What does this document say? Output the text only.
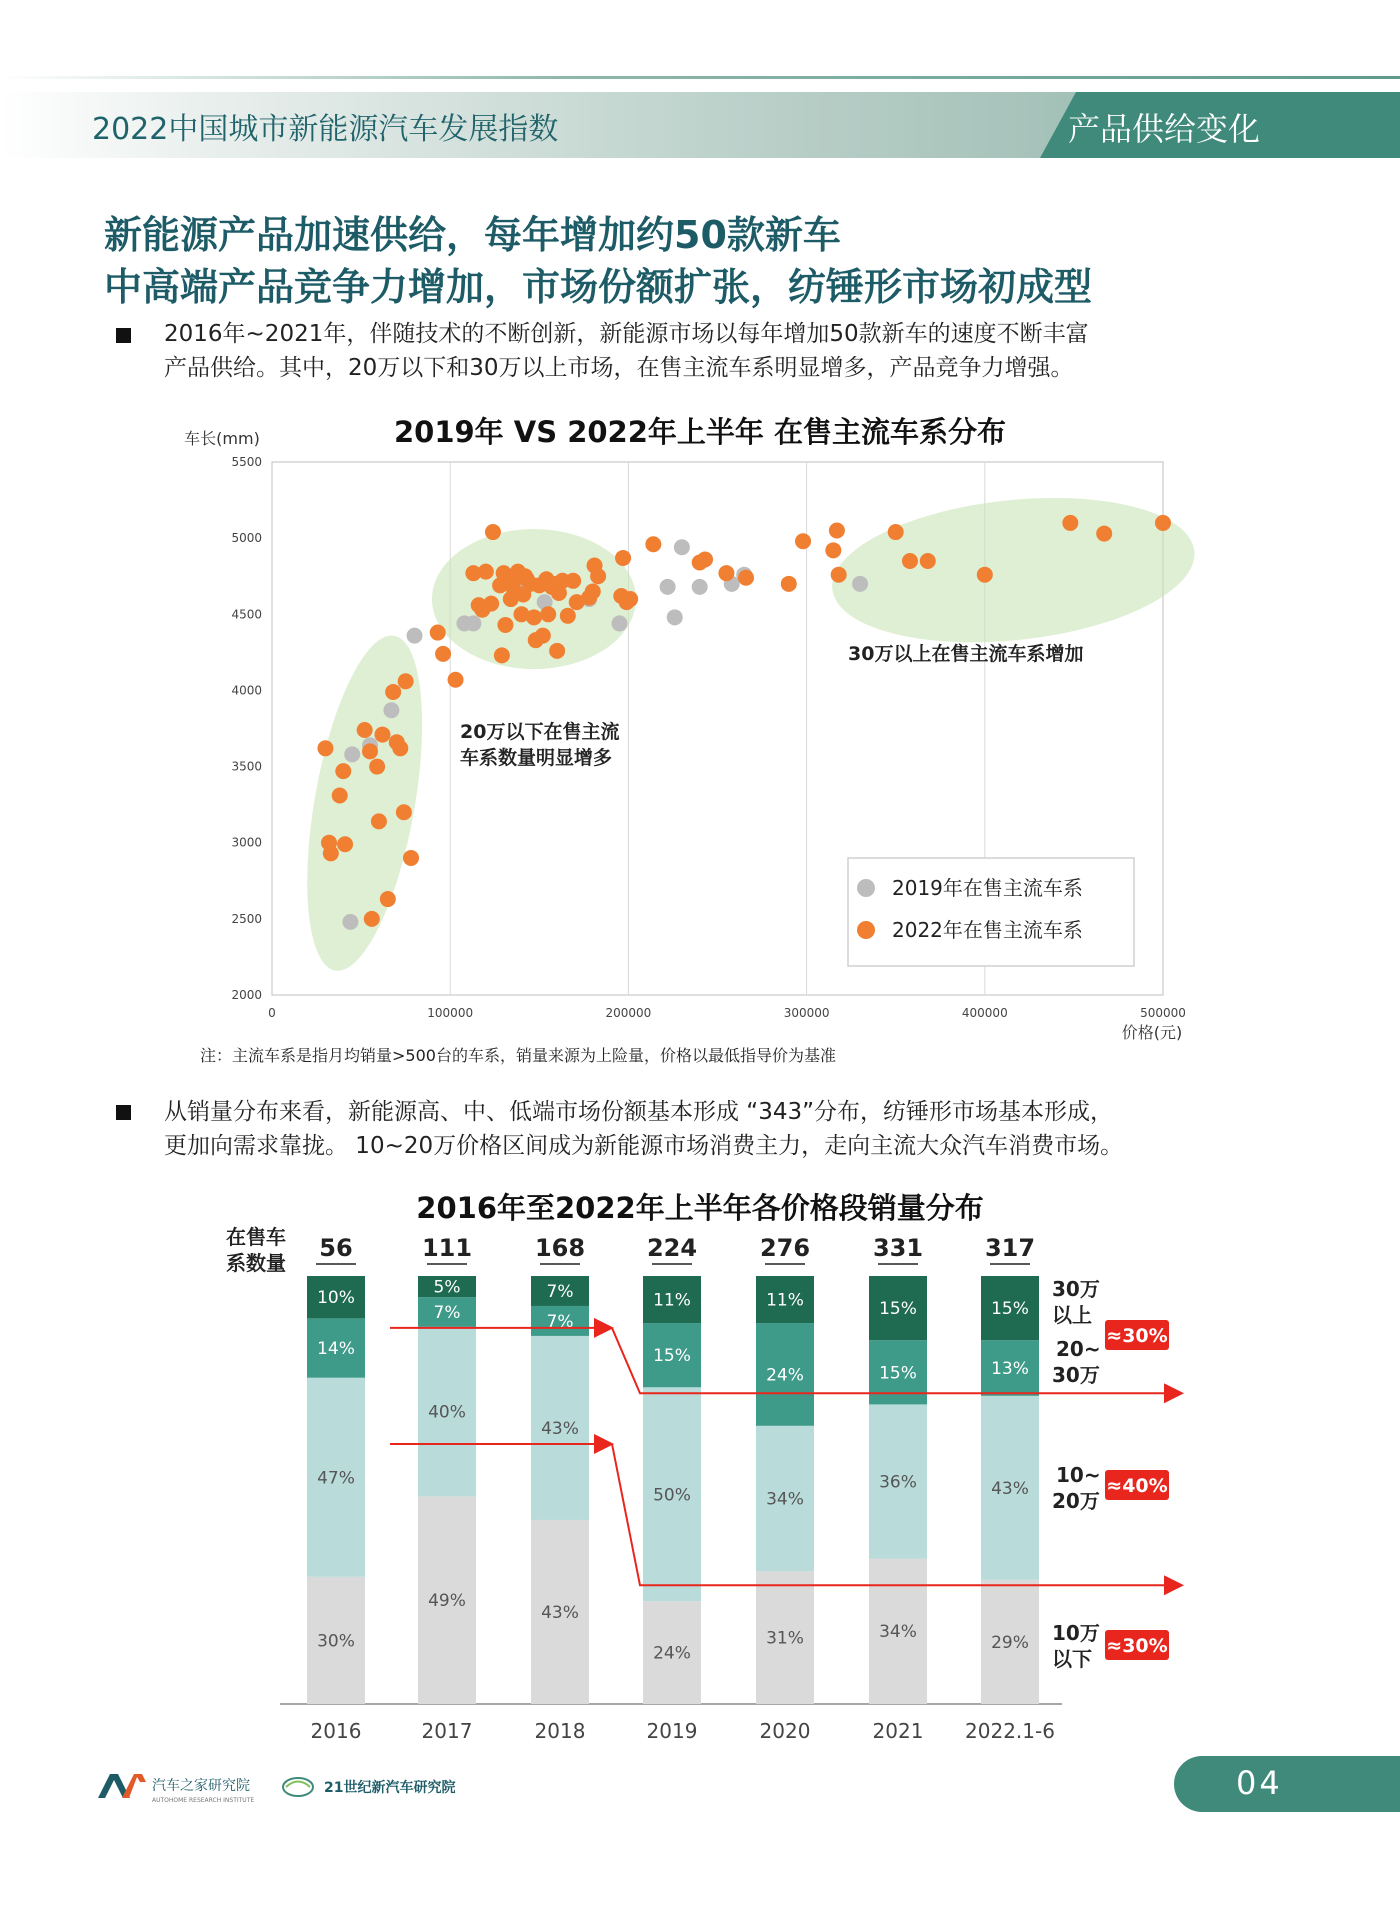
2022中国城市新能源汽车发展指数	产品供给变化
新能源产品加速供给，每年增加约50款新车
中高端产品竞争力增加，市场份额扩张，纺锤形市场初成型
2016年~2021年，伴随技术的不断创新，新能源市场以每年增加50款新车的速度不断丰富
产品供给。其中，20万以下和30万以上市场，在售主流车系明显增多，产品竞争力增强。
2019年 VS 2022年上半年 在售主流车系分布
0	100000	200000	300000	400000	500000
2000
2500
3000
3500
4000
4500
5000
5500
车长(mm)
价格(元)
20万以下在售主流
车系数量明显增多
30万以上在售主流车系增加
2019年在售主流车系
2022年在售主流车系
注：主流车系是指月均销量>500台的车系，销量来源为上险量，价格以最低指导价为基准
从销量分布来看，新能源高、中、低端市场份额基本形成 “343”分布，纺锤形市场基本形成，
更加向需求靠拢。 10~20万价格区间成为新能源市场消费主力，走向主流大众汽车消费市场。
2016年至2022年上半年各价格段销量分布
在售车
系数量
30%
47%
14%
10%
56
2016
49%
40%
7%
5%
111
2017
43%
43%
7%
7%
168
2018
24%
50%
15%
11%
224
2019
31%
34%
24%
11%
276
2020
34%
36%
15%
15%
331
2021
29%
43%
13%
15%
317
2022.1-6
30万
以上
20~
30万
10~
20万
10万
以下
≈30%
≈40%
≈30%
汽车之家研究院
AUTOHOME RESEARCH INSTITUTE
21世纪新汽车研究院	04
